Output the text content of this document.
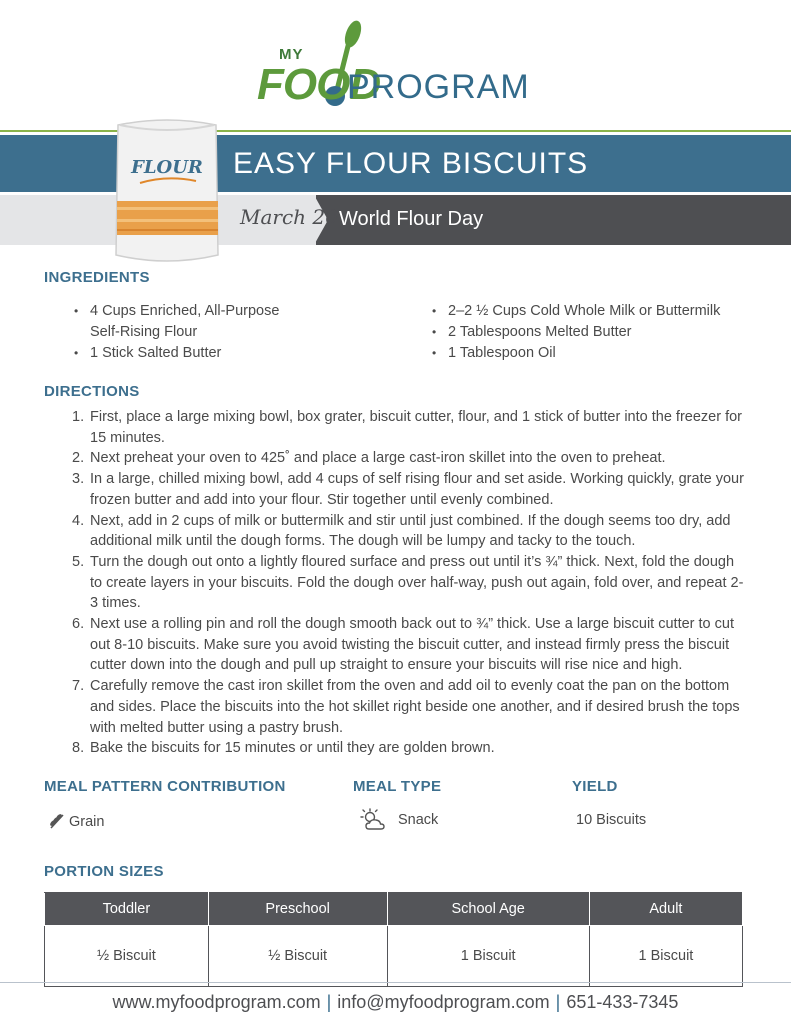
MY
FOOD
PROGRAM
EASY FLOUR BISCUITS
March 20 World Flour Day
FLOUR
INGREDIENTS
• 4 Cups Enriched, All-Purpose Self-Rising Flour
• 1 Stick Salted Butter
• 2–2 ½ Cups Cold Whole Milk or Buttermilk
• 2 Tablespoons Melted Butter
• 1 Tablespoon Oil
DIRECTIONS
1. First, place a large mixing bowl, box grater, biscuit cutter, flour, and 1 stick of butter into the freezer for 15 minutes.
2. Next preheat your oven to 425˚ and place a large cast-iron skillet into the oven to preheat.
3. In a large, chilled mixing bowl, add 4 cups of self rising flour and set aside. Working quickly, grate your frozen butter and add into your flour. Stir together until evenly combined.
4. Next, add in 2 cups of milk or buttermilk and stir until just combined. If the dough seems too dry, add additional milk until the dough forms. The dough will be lumpy and tacky to the touch.
5. Turn the dough out onto a lightly floured surface and press out until it’s ¾” thick. Next, fold the dough to create layers in your biscuits. Fold the dough over half-way, push out again, fold over, and repeat 2-3 times.
6. Next use a rolling pin and roll the dough smooth back out to ¾” thick. Use a large biscuit cutter to cut out 8-10 biscuits. Make sure you avoid twisting the biscuit cutter, and instead firmly press the biscuit cutter down into the dough and pull up straight to ensure your biscuits will rise nice and high.
7. Carefully remove the cast iron skillet from the oven and add oil to evenly coat the pan on the bottom and sides. Place the biscuits into the hot skillet right beside one another, and if desired brush the tops with melted butter using a pastry brush.
8. Bake the biscuits for 15 minutes or until they are golden brown.
MEAL PATTERN CONTRIBUTION	MEAL TYPE	YIELD
Grain	Snack	10 Biscuits
PORTION SIZES
Toddler	Preschool	School Age	Adult
½ Biscuit	½ Biscuit	1 Biscuit	1 Biscuit
www.myfoodprogram.com | info@myfoodprogram.com | 651-433-7345
